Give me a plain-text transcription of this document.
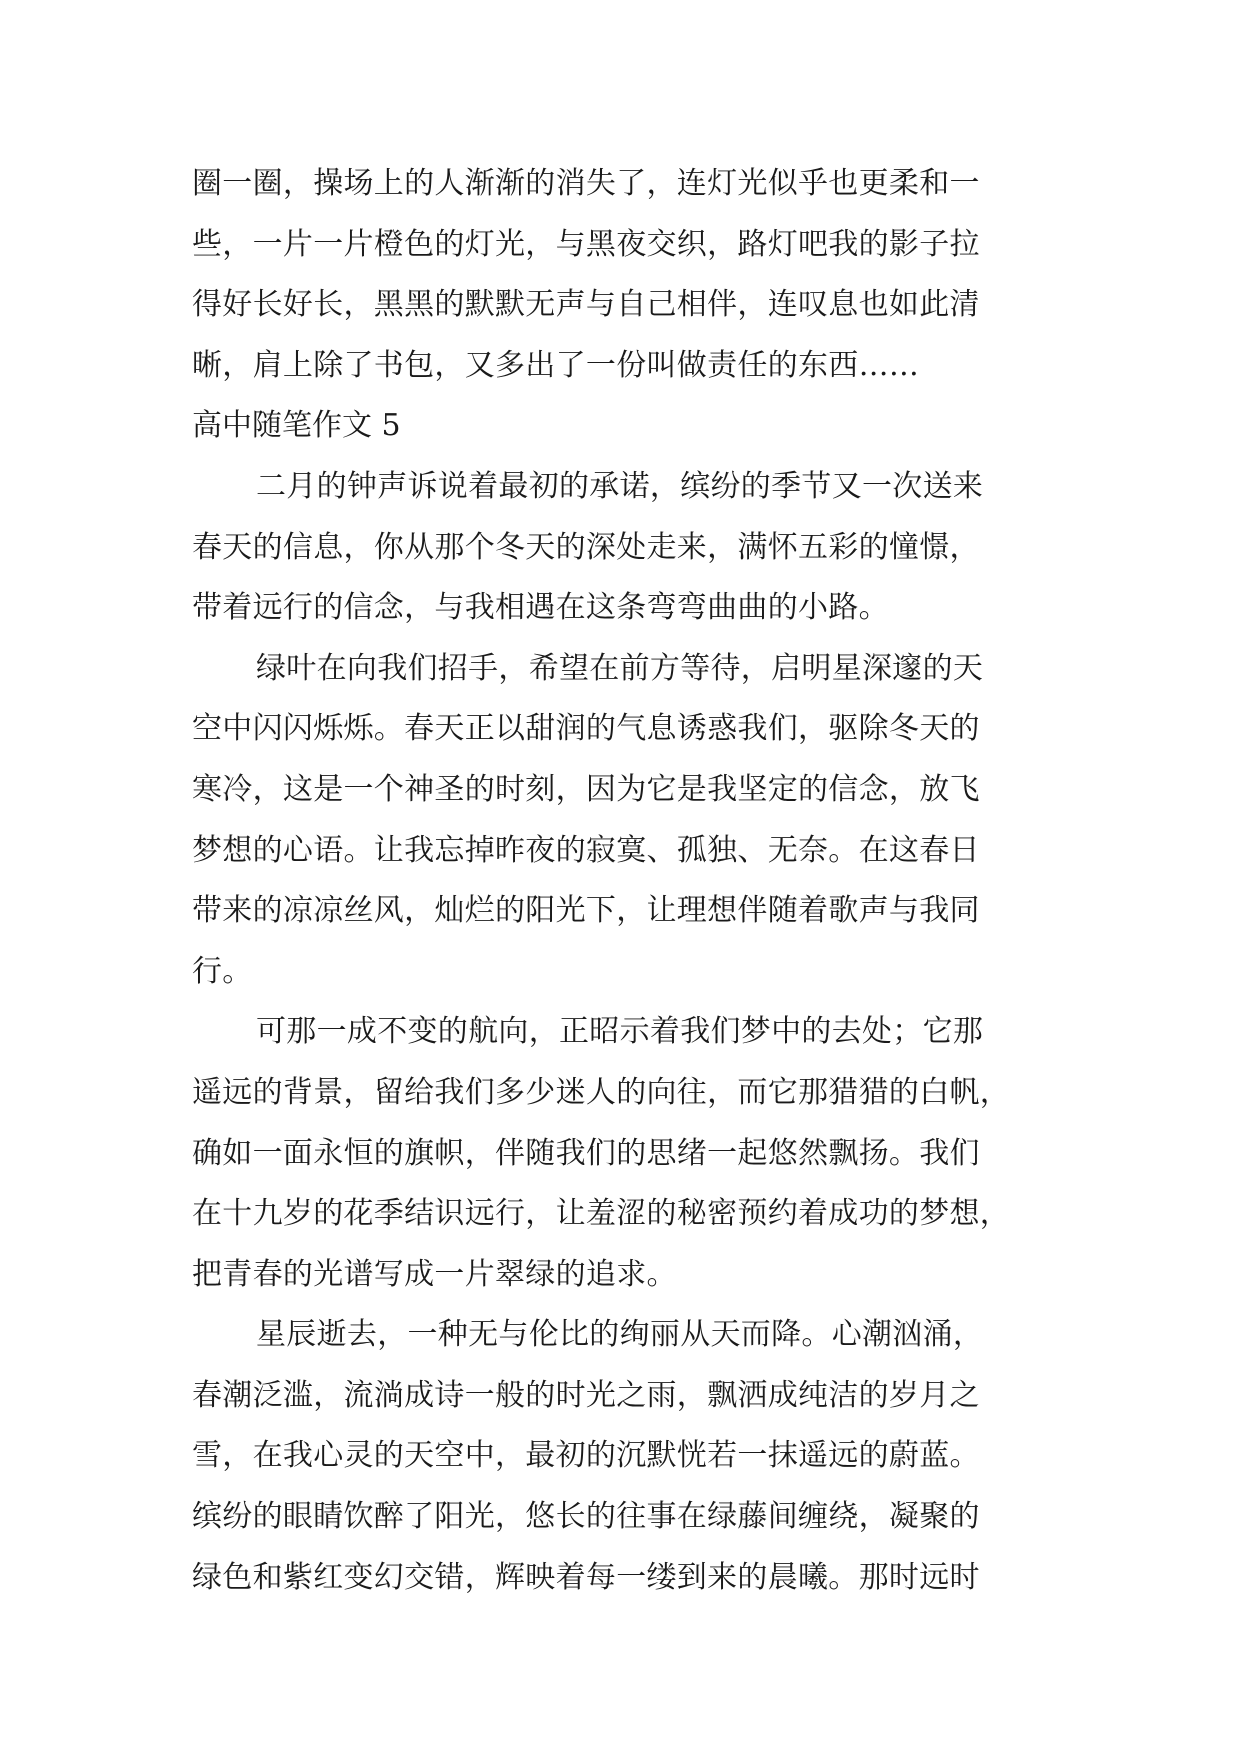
圈一圈，操场上的人渐渐的消失了，连灯光似乎也更柔和一
些，一片一片橙色的灯光，与黑夜交织，路灯吧我的影子拉
得好长好长，黑黑的默默无声与自己相伴，连叹息也如此清
晰，肩上除了书包，又多出了一份叫做责任的东西……
高中随笔作文 5
二月的钟声诉说着最初的承诺，缤纷的季节又一次送来
春天的信息，你从那个冬天的深处走来，满怀五彩的憧憬，
带着远行的信念，与我相遇在这条弯弯曲曲的小路。
绿叶在向我们招手，希望在前方等待，启明星深邃的天
空中闪闪烁烁。春天正以甜润的气息诱惑我们，驱除冬天的
寒冷，这是一个神圣的时刻，因为它是我坚定的信念，放飞
梦想的心语。让我忘掉昨夜的寂寞、孤独、无奈。在这春日
带来的凉凉丝风，灿烂的阳光下，让理想伴随着歌声与我同
行。
可那一成不变的航向，正昭示着我们梦中的去处；它那
遥远的背景，留给我们多少迷人的向往，而它那猎猎的白帆，
确如一面永恒的旗帜，伴随我们的思绪一起悠然飘扬。我们
在十九岁的花季结识远行，让羞涩的秘密预约着成功的梦想，
把青春的光谱写成一片翠绿的追求。
星辰逝去，一种无与伦比的绚丽从天而降。心潮汹涌，
春潮泛滥，流淌成诗一般的时光之雨，飘洒成纯洁的岁月之
雪，在我心灵的天空中，最初的沉默恍若一抹遥远的蔚蓝。
缤纷的眼睛饮醉了阳光，悠长的往事在绿藤间缠绕，凝聚的
绿色和紫红变幻交错，辉映着每一缕到来的晨曦。那时远时
